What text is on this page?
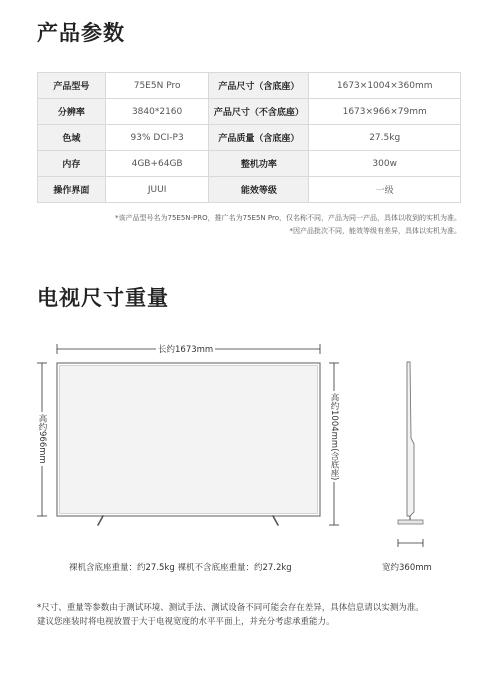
产品参数
产品型号	75E5N Pro	产品尺寸（含底座）	1673×1004×360mm
分辨率	3840*2160	产品尺寸（不含底座）	1673×966×79mm
色域	93% DCI-P3	产品质量（含底座）	27.5kg
内存	4GB+64GB	整机功率	300w
操作界面	JUUI	能效等级	一级
*该产品型号名为75E5N-PRO，推广名为75E5N Pro，仅名称不同，产品为同一产品，具体以收到的实机为准。
*因产品批次不同，能效等级有差异，具体以实机为准。
电视尺寸重量
长约1673mm
高约966mm	高约1004mm(含底座)
宽约360mm
裸机含底座重量：约27.5kg 裸机不含底座重量：约27.2kg
*尺寸、重量等参数由于测试环境、测试手法、测试设备不同可能会存在差异，具体信息请以实测为准。
建议您座装时将电视放置于大于电视宽度的水平平面上，并充分考虑承重能力。
